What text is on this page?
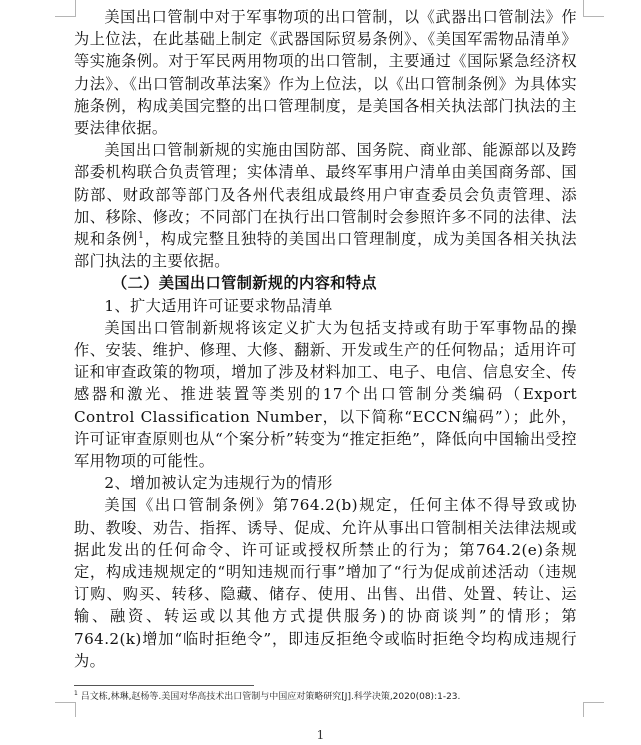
美国出口管制中对于军事物项的出口管制，以《武器出口管制法》作为上位法，在此基础上制定《武器国际贸易条例》、《美国军需物品清单》等实施条例。对于军民两用物项的出口管制，主要通过《国际紧急经济权力法》、《出口管制改革法案》作为上位法，以《出口管制条例》为具体实施条例，构成美国完整的出口管理制度，是美国各相关执法部门执法的主要法律依据。

美国出口管制新规的实施由国防部、国务院、商业部、能源部以及跨部委机构联合负责管理；实体清单、最终军事用户清单由美国商务部、国防部、财政部等部门及各州代表组成最终用户审查委员会负责管理、添加、移除、修改；不同部门在执行出口管制时会参照许多不同的法律、法规和条例$^1$，构成完整且独特的美国出口管理制度，成为美国各相关执法部门执法的主要依据。

（二）美国出口管制新规的内容和特点

1、扩大适用许可证要求物品清单

美国出口管制新规将该定义扩大为包括支持或有助于军事物品的操作、安装、维护、修理、大修、翻新、开发或生产的任何物品；适用许可证和审查政策的物项，增加了涉及材料加工、电子、电信、信息安全、传感器和激光、推进装置等类别的17个出口管制分类编码（Export Control Classification Number，以下简称“ECCN编码”）；此外，许可证审查原则也从“个案分析”转变为“推定拒绝”，降低向中国输出受控军用物项的可能性。

2、增加被认定为违规行为的情形

美国《出口管制条例》第764.2(b)规定，任何主体不得导致或协助、教唆、劝告、指挥、诱导、促成、允许从事出口管制相关法律法规或据此发出的任何命令、许可证或授权所禁止的行为；第764.2(e)条规定，构成违规规定的“明知违规而行事”增加了“行为促成前述活动（违规订购、购买、转移、隐藏、储存、使用、出售、出借、处置、转让、运输、融资、转运或以其他方式提供服务)的协商谈判”的情形；第764.2(k)增加“临时拒绝令”，即违反拒绝令或临时拒绝令均构成违规行为。

$^1$ 吕文栋,林琳,赵杨等.美国对华高技术出口管制与中国应对策略研究[J].科学决策,2020(08):1-23.
1
